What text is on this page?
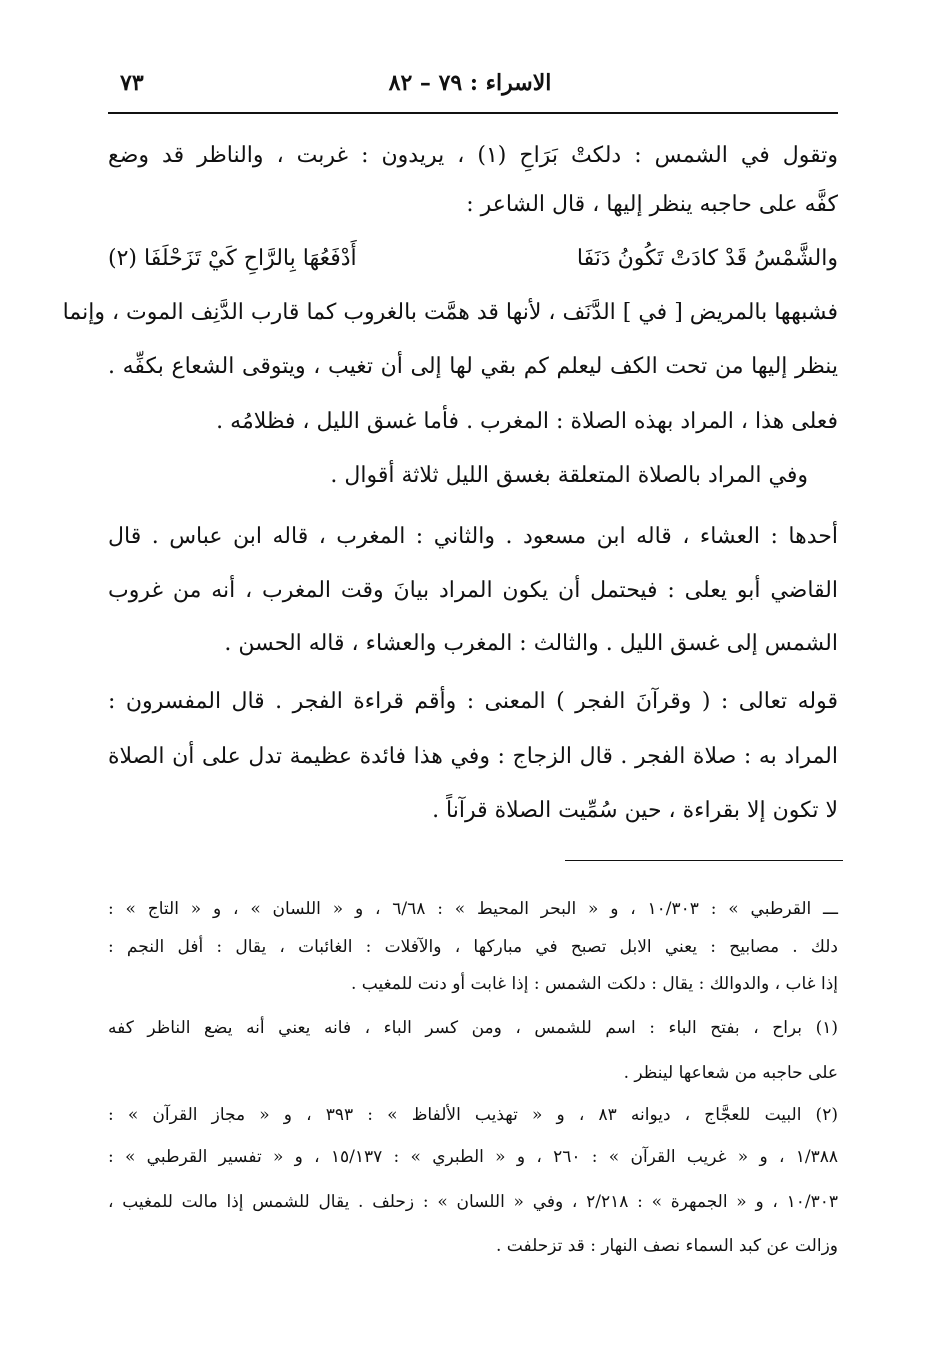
الاسراء : ٧٩ – ٨٢
٧٣
وتقول في الشمس : دلكتْ بَرَاحِ (١) ، يريدون : غربت ، والناظر قد وضع
كفَّه على حاجبه ينظر إليها ، قال الشاعر :
والشَّمْسُ قَدْ كادَتْ تَكُونُ دَنَفَا
أَدْفَعُهَا بِالرَّاحِ كَيْ تَزَحْلَفَا (٢)
فشبهها بالمريض [ في ] الدَّنَف ، لأنها قد همَّت بالغروب كما قارب الدَّنِف الموت ، وإنما
ينظر إليها من تحت الكف ليعلم كم بقي لها إلى أن تغيب ، ويتوقى الشعاع بكفِّه .
فعلى هذا ، المراد بهذه الصلاة : المغرب . فأما غسق الليل ، فظلامُه .
وفي المراد بالصلاة المتعلقة بغسق الليل ثلاثة أقوال .
أحدها : العشاء ، قاله ابن مسعود . والثاني : المغرب ، قاله ابن عباس . قال
القاضي أبو يعلى : فيحتمل أن يكون المراد بيانَ وقت المغرب ، أنه من غروب
الشمس إلى غسق الليل . والثالث : المغرب والعشاء ، قاله الحسن .
قوله تعالى : ( وقرآنَ الفجر ) المعنى : وأقم قراءة الفجر . قال المفسرون :
المراد به : صلاة الفجر . قال الزجاج : وفي هذا فائدة عظيمة تدل على أن الصلاة
لا تكون إلا بقراءة ، حين سُمِّيت الصلاة قرآناً .
ـــ القرطبي » : ١٠/٣٠٣ ، و « البحر المحيط » : ٦/٦٨ ، و « اللسان » ، و « التاج » :
دلك . مصابيح : يعني الابل تصبح في مباركها ، والآفلات : الغائبات ، يقال : أفل النجم :
إذا غاب ، والدوالك : يقال : دلكت الشمس : إذا غابت أو دنت للمغيب .
(١) براح ، بفتح الباء : اسم للشمس ، ومن كسر الباء ، فانه يعني أنه يضع الناظر كفه
على حاجبه من شعاعها لينظر .
(٢) البيت للعجَّاج ، ديوانه ٨٣ ، و « تهذيب الألفاظ » : ٣٩٣ ، و « مجاز القرآن » :
١/٣٨٨ ، و « غريب القرآن » : ٢٦٠ ، و « الطبري » : ١٥/١٣٧ ، و « تفسير القرطبي » :
١٠/٣٠٣ ، و « الجمهرة » : ٢/٢١٨ ، وفي « اللسان » : زحلف . يقال للشمس إذا مالت للمغيب ،
وزالت عن كبد السماء نصف النهار : قد تزحلفت .
